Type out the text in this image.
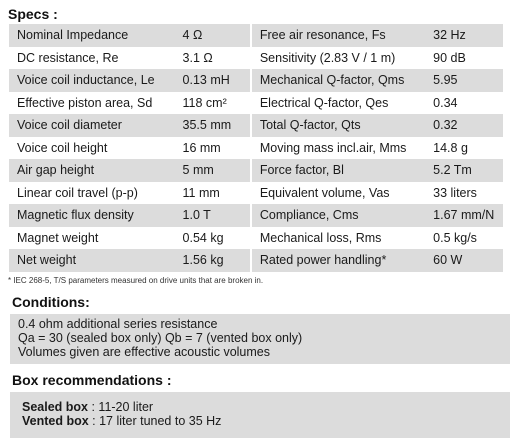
Specs :
Nominal Impedance	4 Ω	Free air resonance, Fs	32 Hz
DC resistance, Re	3.1 Ω	Sensitivity (2.83 V / 1 m)	90 dB
Voice coil inductance, Le	0.13 mH	Mechanical Q-factor, Qms	5.95
Effective piston area, Sd	118 cm²	Electrical Q-factor, Qes	0.34
Voice coil diameter	35.5 mm	Total Q-factor, Qts	0.32
Voice coil height	16 mm	Moving mass incl.air, Mms	14.8 g
Air gap height	5 mm	Force factor, Bl	5.2 Tm
Linear coil travel (p-p)	11 mm	Equivalent volume, Vas	33 liters
Magnetic flux density	1.0 T	Compliance, Cms	1.67 mm/N
Magnet weight	0.54 kg	Mechanical loss, Rms	0.5 kg/s
Net weight	1.56 kg	Rated power handling*	60 W
* IEC 268-5, T/S parameters measured on drive units that are broken in.
Conditions:
0.4 ohm additional series resistance
Qa = 30 (sealed box only) Qb = 7 (vented box only)
Volumes given are effective acoustic volumes
Box recommendations :
Sealed box : 11-20 liter
Vented box : 17 liter tuned to 35 Hz
